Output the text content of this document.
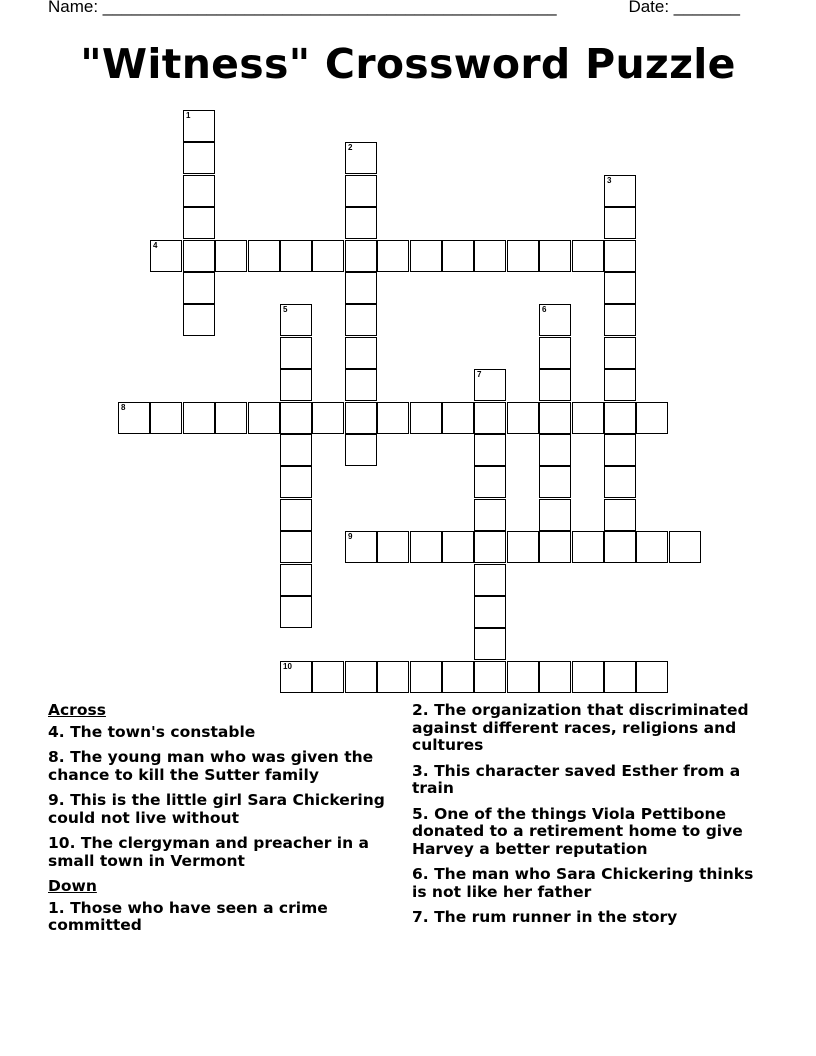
Name: ________________________________________________	Date: _______
"Witness" Crossword Puzzle
1
2
3
4
5	6
7
8
9
10
Across
4. The town's constable
8. The young man who was given the chance to kill the Sutter family
9. This is the little girl Sara Chickering could not live without
10. The clergyman and preacher in a small town in Vermont
Down
1. Those who have seen a crime committed
2. The organization that discriminated against different races, religions and cultures
3. This character saved Esther from a train
5. One of the things Viola Pettibone donated to a retirement home to give Harvey a better reputation
6. The man who Sara Chickering thinks is not like her father
7. The rum runner in the story
